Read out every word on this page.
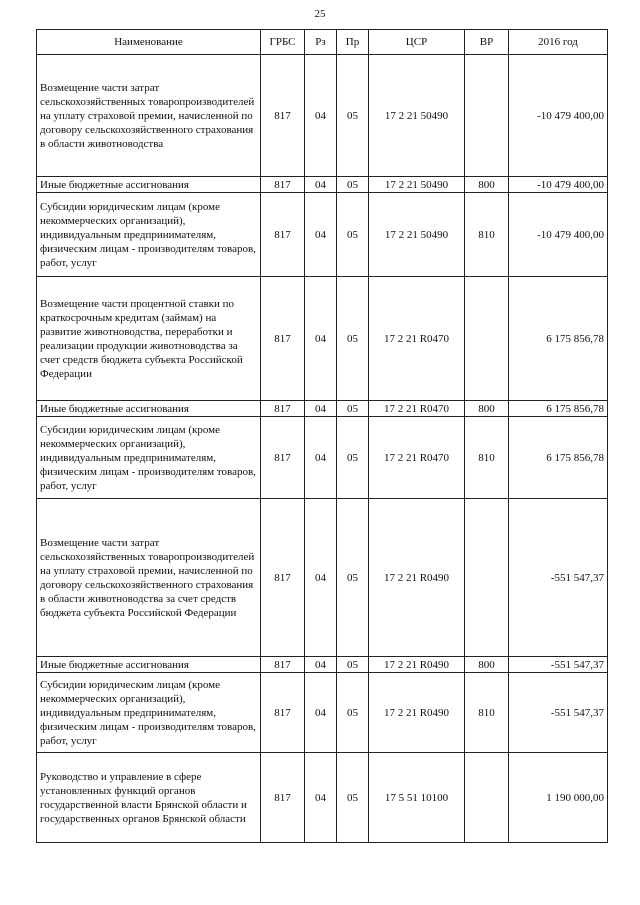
25
Наименование	ГРБС	Рз	Пр	ЦСР	ВР	2016 год
Возмещение части затрат сельскохозяйственных товаропроизводителей на уплату страховой премии, начисленной по договору сельскохозяйственного страхования в области животноводства	817	04	05	17 2 21 50490		-10 479 400,00
Иные бюджетные ассигнования	817	04	05	17 2 21 50490	800	-10 479 400,00
Субсидии юридическим лицам (кроме некоммерческих организаций), индивидуальным предпринимателям, физическим лицам - производителям товаров, работ, услуг	817	04	05	17 2 21 50490	810	-10 479 400,00
Возмещение части процентной ставки по краткосрочным кредитам (займам) на развитие животноводства, переработки и реализации продукции животноводства за счет средств бюджета субъекта Российской Федерации	817	04	05	17 2 21 R0470		6 175 856,78
Иные бюджетные ассигнования	817	04	05	17 2 21 R0470	800	6 175 856,78
Субсидии юридическим лицам (кроме некоммерческих организаций), индивидуальным предпринимателям, физическим лицам - производителям товаров, работ, услуг	817	04	05	17 2 21 R0470	810	6 175 856,78
Возмещение части затрат сельскохозяйственных товаропроизводителей на уплату страховой премии, начисленной по договору сельскохозяйственного страхования в области животноводства за счет средств бюджета субъекта Российской Федерации	817	04	05	17 2 21 R0490		-551 547,37
Иные бюджетные ассигнования	817	04	05	17 2 21 R0490	800	-551 547,37
Субсидии юридическим лицам (кроме некоммерческих организаций), индивидуальным предпринимателям, физическим лицам - производителям товаров, работ, услуг	817	04	05	17 2 21 R0490	810	-551 547,37
Руководство и управление в сфере установленных функций органов государственной власти Брянской области и государственных органов Брянской области	817	04	05	17 5 51 10100		1 190 000,00
